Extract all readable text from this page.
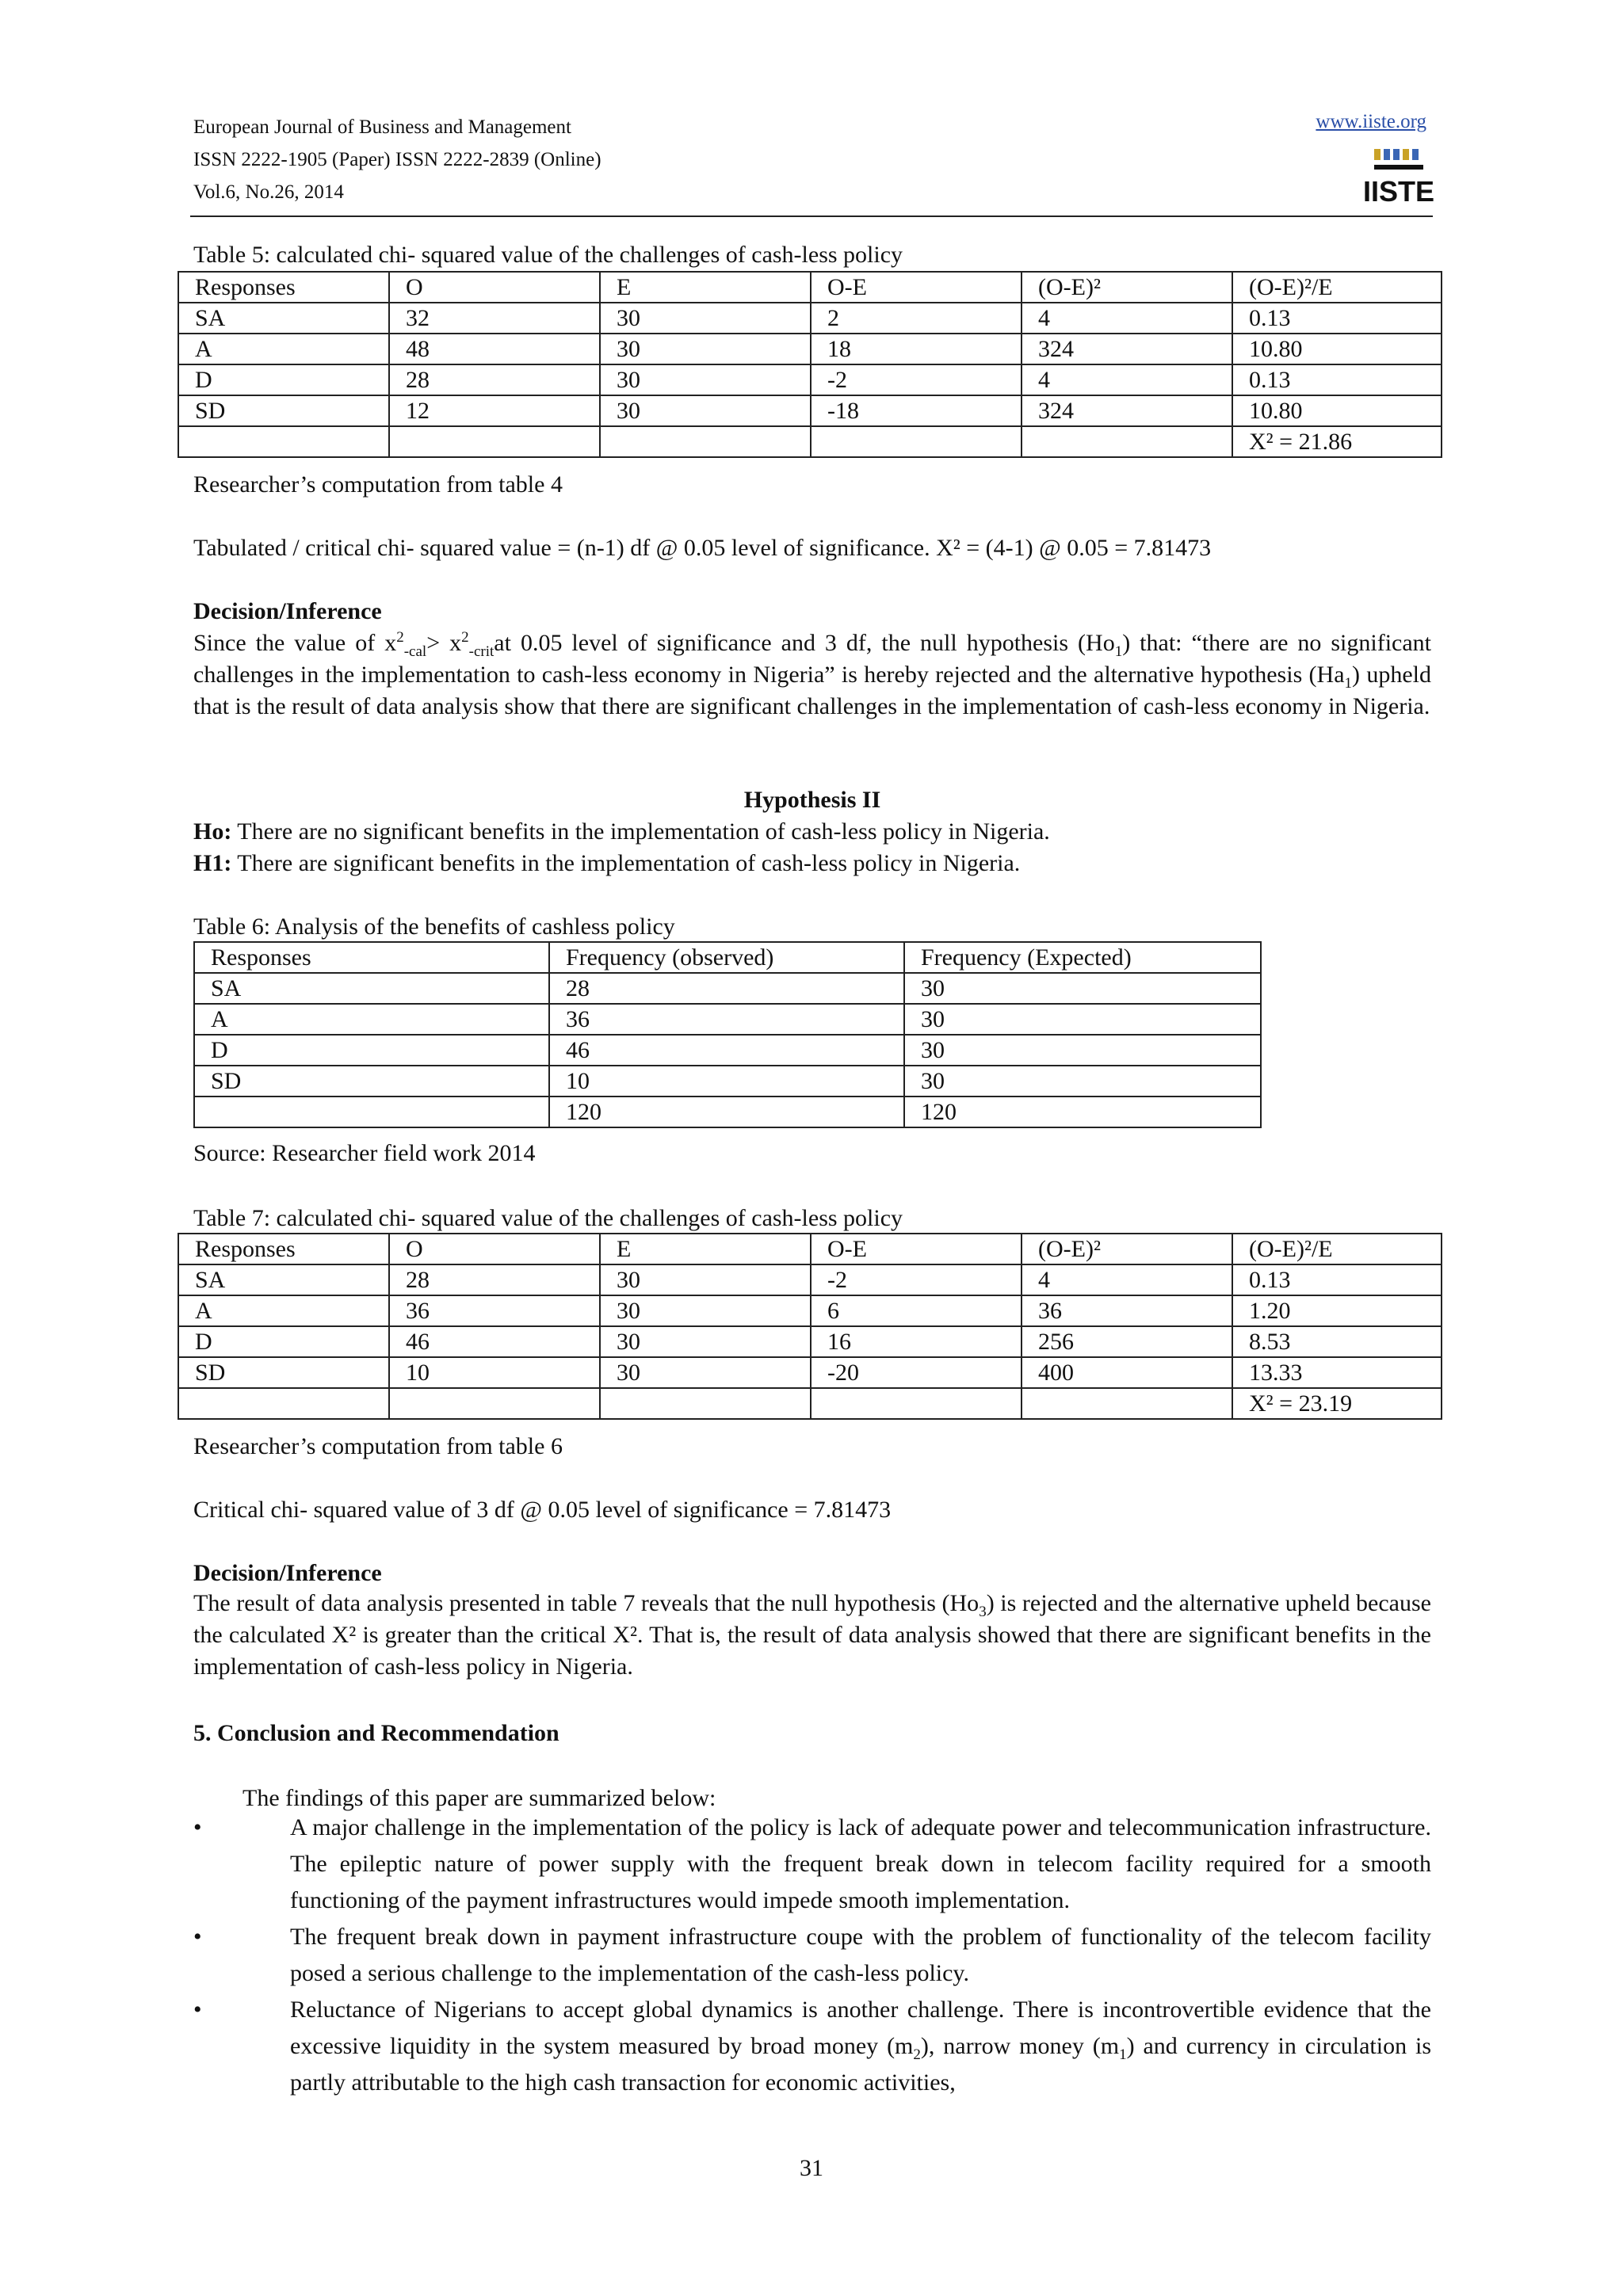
European Journal of Business and Management
ISSN 2222-1905 (Paper) ISSN 2222-2839 (Online)
Vol.6, No.26, 2014
www.iiste.org
IISTE
Table 5: calculated chi- squared value of the challenges of cash-less policy
Responses	O	E	O-E	(O-E)²	(O-E)²/E
SA	32	30	2	4	0.13
A	48	30	18	324	10.80
D	28	30	-2	4	0.13
SD	12	30	-18	324	10.80
					X² = 21.86
Researcher’s computation from table 4
Tabulated / critical chi- squared value = (n-1) df @ 0.05 level of significance. X² = (4-1) @ 0.05 = 7.81473
Decision/Inference
Since the value of $x^2_{-cal}> x^2_{-crit}at$ 0.05 level of significance and 3 df, the null hypothesis $(Ho_1)$ that: “there are no significant challenges in the implementation to cash-less economy in Nigeria” is hereby rejected and the alternative hypothesis $(Ha_1)$ upheld that is the result of data analysis show that there are significant challenges in the implementation of cash-less economy in Nigeria.
Hypothesis II
Ho: There are no significant benefits in the implementation of cash-less policy in Nigeria.
H1: There are significant benefits in the implementation of cash-less policy in Nigeria.
Table 6: Analysis of the benefits of cashless policy
Responses	Frequency (observed)	Frequency (Expected)
SA	28	30
A	36	30
D	46	30
SD	10	30
	120	120
Source: Researcher field work 2014
Table 7: calculated chi- squared value of the challenges of cash-less policy
Responses	O	E	O-E	(O-E)²	(O-E)²/E
SA	28	30	-2	4	0.13
A	36	30	6	36	1.20
D	46	30	16	256	8.53
SD	10	30	-20	400	13.33
					X² = 23.19
Researcher’s computation from table 6
Critical chi- squared value of 3 df @ 0.05 level of significance = 7.81473
Decision/Inference
The result of data analysis presented in table 7 reveals that the null hypothesis $(Ho_3)$ is rejected and the alternative upheld because the calculated X² is greater than the critical X². That is, the result of data analysis showed that there are significant benefits in the implementation of cash-less policy in Nigeria.
5. Conclusion and Recommendation
The findings of this paper are summarized below:
•	A major challenge in the implementation of the policy is lack of adequate power and telecommunication infrastructure. The epileptic nature of power supply with the frequent break down in telecom facility required for a smooth functioning of the payment infrastructures would impede smooth implementation.
•	The frequent break down in payment infrastructure coupe with the problem of functionality of the telecom facility posed a serious challenge to the implementation of the cash-less policy.
•	Reluctance of Nigerians to accept global dynamics is another challenge. There is incontrovertible evidence that the excessive liquidity in the system measured by broad money $(m_2)$, narrow money $(m_1)$ and currency in circulation is partly attributable to the high cash transaction for economic activities,
31
